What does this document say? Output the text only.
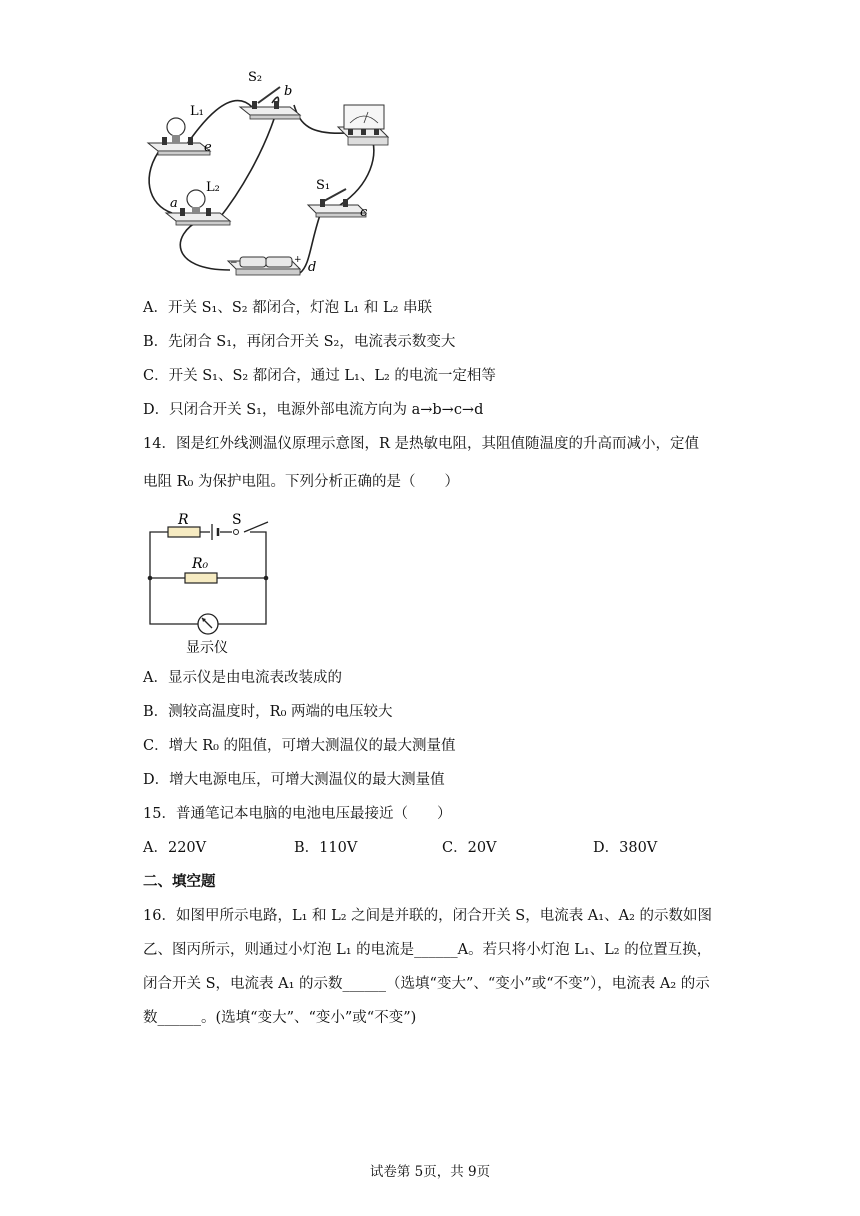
S₂
b
L₁
e
a
L₂	S₁
c
d
−	+
A．开关 S₁、S₂ 都闭合，灯泡 L₁ 和 L₂ 串联
B．先闭合 S₁，再闭合开关 S₂，电流表示数变大
C．开关 S₁、S₂ 都闭合，通过 L₁、L₂ 的电流一定相等
D．只闭合开关 S₁，电源外部电流方向为 a→b→c→d
14．图是红外线测温仪原理示意图，R 是热敏电阻，其阻值随温度的升高而减小，定值
电阻 R₀ 为保护电阻。下列分析正确的是（　　）
R	S
R₀
显示仪
A．显示仪是由电流表改装成的
B．测较高温度时，R₀ 两端的电压较大
C．增大 R₀ 的阻值，可增大测温仪的最大测量值
D．增大电源电压，可增大测温仪的最大测量值
15．普通笔记本电脑的电池电压最接近（　　）
A．220V	B．110V	C．20V	D．380V
二、填空题
16．如图甲所示电路，L₁ 和 L₂ 之间是并联的，闭合开关 S，电流表 A₁、A₂ 的示数如图
乙、图丙所示，则通过小灯泡 L₁ 的电流是______A。若只将小灯泡 L₁、L₂ 的位置互换，
闭合开关 S，电流表 A₁ 的示数______（选填“变大”、“变小”或“不变”），电流表 A₂ 的示
数______。(选填“变大”、“变小”或“不变”)
试卷第 5页，共 9页
